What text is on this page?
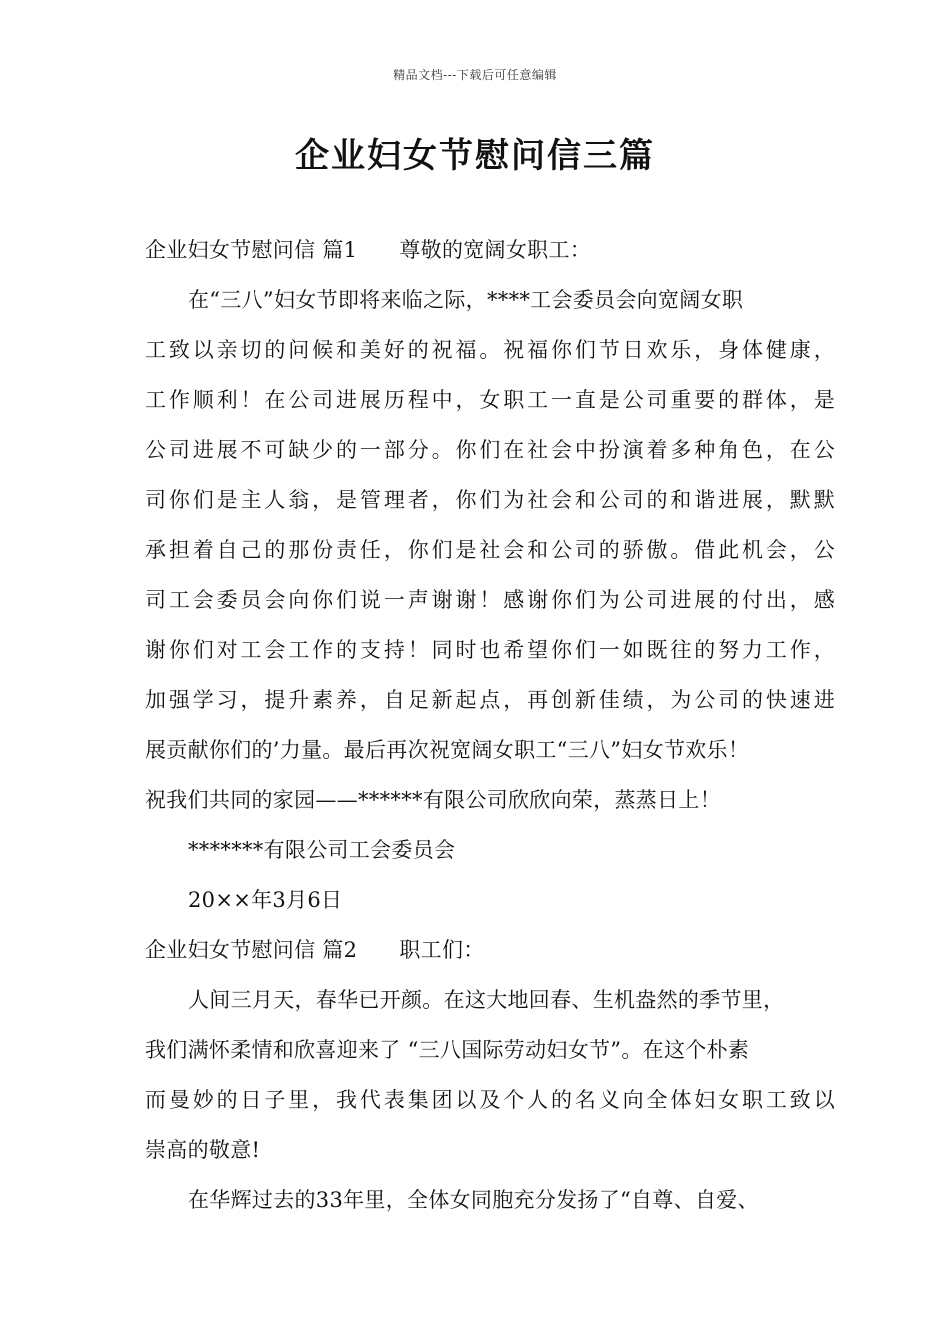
精品文档---下载后可任意编辑
企业妇女节慰问信三篇
企业妇女节慰问信 篇1 尊敬的宽阔女职工：
在“三八”妇女节即将来临之际，****工会委员会向宽阔女职
工致以亲切的问候和美好的祝福。祝福你们节日欢乐，身体健康，
工作顺利！在公司进展历程中，女职工一直是公司重要的群体，是
公司进展不可缺少的一部分。你们在社会中扮演着多种角色，在公
司你们是主人翁，是管理者，你们为社会和公司的和谐进展，默默
承担着自己的那份责任，你们是社会和公司的骄傲。借此机会，公
司工会委员会向你们说一声谢谢！感谢你们为公司进展的付出，感
谢你们对工会工作的支持！同时也希望你们一如既往的努力工作，
加强学习，提升素养，自足新起点，再创新佳绩，为公司的快速进
展贡献你们的’力量。最后再次祝宽阔女职工“三八”妇女节欢乐！
祝我们共同的家园——******有限公司欣欣向荣，蒸蒸日上！
*******有限公司工会委员会
20××年3月6日
企业妇女节慰问信 篇2 职工们：
人间三月天，春华已开颜。在这大地回春、生机盎然的季节里，
我们满怀柔情和欣喜迎来了 “三八国际劳动妇女节”。在这个朴素
而曼妙的日子里，我代表集团以及个人的名义向全体妇女职工致以
崇高的敬意!
在华辉过去的33年里，全体女同胞充分发扬了“自尊、自爱、
